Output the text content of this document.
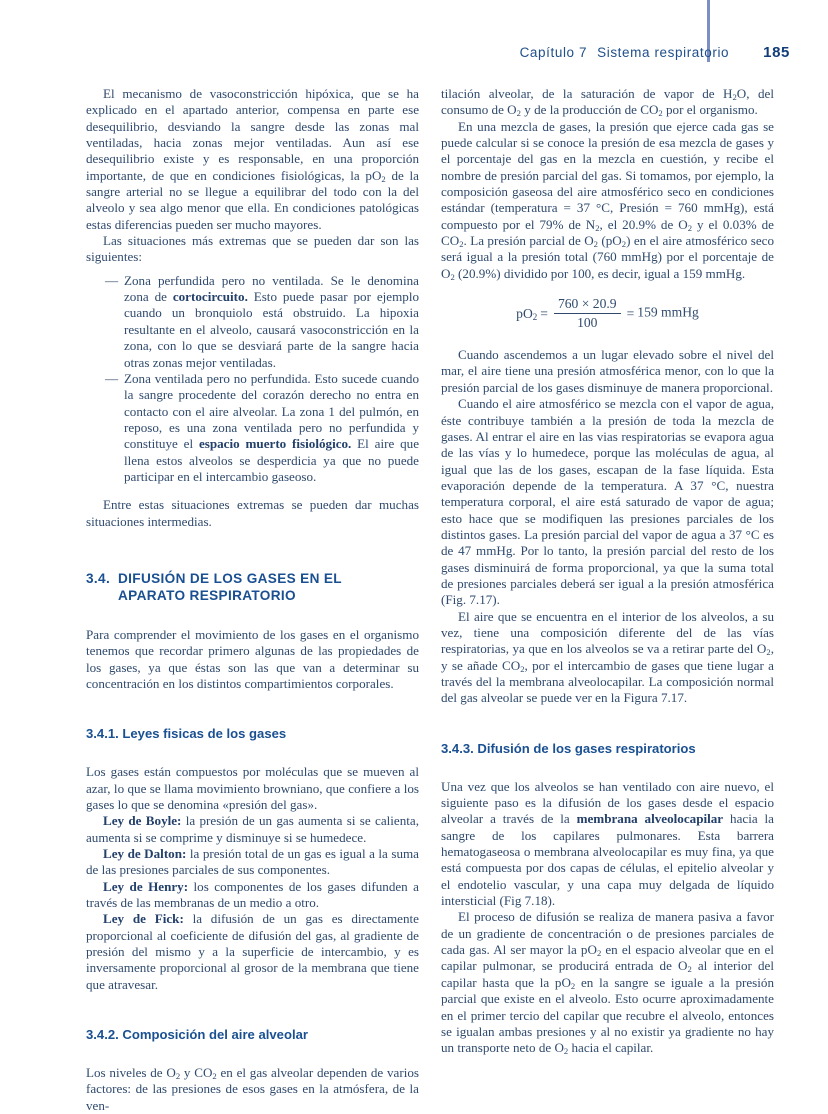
Capítulo 7 Sistema respiratorio 185

El mecanismo de vasoconstricción hipóxica, que se ha explicado en el apartado anterior, compensa en parte ese desequilibrio, desviando la sangre desde las zonas mal ventiladas, hacia zonas mejor ventiladas. Aun así ese desequilibrio existe y es responsable, en una proporción importante, de que en condiciones fisiológicas, la $pO_2$ de la sangre arterial no se llegue a equilibrar del todo con la del alveolo y sea algo menor que ella. En condiciones patológicas estas diferencias pueden ser mucho mayores.

Las situaciones más extremas que se pueden dar son las siguientes:

— Zona perfundida pero no ventilada. Se le denomina zona de cortocircuito. Esto puede pasar por ejemplo cuando un bronquiolo está obstruido. La hipoxia resultante en el alveolo, causará vasoconstricción en la zona, con lo que se desviará parte de la sangre hacia otras zonas mejor ventiladas.
— Zona ventilada pero no perfundida. Esto sucede cuando la sangre procedente del corazón derecho no entra en contacto con el aire alveolar. La zona 1 del pulmón, en reposo, es una zona ventilada pero no perfundida y constituye el espacio muerto fisiológico. El aire que llena estos alveolos se desperdicia ya que no puede participar en el intercambio gaseoso.

Entre estas situaciones extremas se pueden dar muchas situaciones intermedias.

3.4. DIFUSIÓN DE LOS GASES EN EL APARATO RESPIRATORIO

Para comprender el movimiento de los gases en el organismo tenemos que recordar primero algunas de las propiedades de los gases, ya que éstas son las que van a determinar su concentración en los distintos compartimientos corporales.

3.4.1. Leyes fisicas de los gases

Los gases están compuestos por moléculas que se mueven al azar, lo que se llama movimiento browniano, que confiere a los gases lo que se denomina «presión del gas».

Ley de Boyle: la presión de un gas aumenta si se calienta, aumenta si se comprime y disminuye si se humedece.

Ley de Dalton: la presión total de un gas es igual a la suma de las presiones parciales de sus componentes.

Ley de Henry: los componentes de los gases difunden a través de las membranas de un medio a otro.

Ley de Fick: la difusión de un gas es directamente proporcional al coeficiente de difusión del gas, al gradiente de presión del mismo y a la superficie de intercambio, y es inversamente proporcional al grosor de la membrana que tiene que atravesar.

3.4.2. Composición del aire alveolar

Los niveles de $O_2$ y $CO_2$ en el gas alveolar dependen de varios factores: de las presiones de esos gases en la atmósfera, de la ven-

tilación alveolar, de la saturación de vapor de $H_2O$, del consumo de $O_2$ y de la producción de $CO_2$ por el organismo.

En una mezcla de gases, la presión que ejerce cada gas se puede calcular si se conoce la presión de esa mezcla de gases y el porcentaje del gas en la mezcla en cuestión, y recibe el nombre de presión parcial del gas. Si tomamos, por ejemplo, la composición gaseosa del aire atmosférico seco en condiciones estándar (temperatura = 37 °C, Presión = 760 mmHg), está compuesto por el 79% de $N_2$, el 20.9% de $O_2$ y el 0.03% de $CO_2$. La presión parcial de $O_2$ $(pO_2)$ en el aire atmosférico seco será igual a la presión total (760 mmHg) por el porcentaje de $O_2$ (20.9%) dividido por 100, es decir, igual a 159 mmHg.

$pO_2 = \frac{760 \times 20.9}{100} = 159$ mmHg

Cuando ascendemos a un lugar elevado sobre el nivel del mar, el aire tiene una presión atmosférica menor, con lo que la presión parcial de los gases disminuye de manera proporcional.

Cuando el aire atmosférico se mezcla con el vapor de agua, éste contribuye también a la presión de toda la mezcla de gases. Al entrar el aire en las vias respiratorias se evapora agua de las vías y lo humedece, porque las moléculas de agua, al igual que las de los gases, escapan de la fase líquida. Esta evaporación depende de la temperatura. A 37 °C, nuestra temperatura corporal, el aire está saturado de vapor de agua; esto hace que se modifiquen las presiones parciales de los distintos gases. La presión parcial del vapor de agua a 37 °C es de 47 mmHg. Por lo tanto, la presión parcial del resto de los gases disminuirá de forma proporcional, ya que la suma total de presiones parciales deberá ser igual a la presión atmosférica (Fig. 7.17).

El aire que se encuentra en el interior de los alveolos, a su vez, tiene una composición diferente del de las vías respiratorias, ya que en los alveolos se va a retirar parte del $O_2$, y se añade $CO_2$, por el intercambio de gases que tiene lugar a través del la membrana alveolocapilar. La composición normal del gas alveolar se puede ver en la Figura 7.17.

3.4.3. Difusión de los gases respiratorios

Una vez que los alveolos se han ventilado con aire nuevo, el siguiente paso es la difusión de los gases desde el espacio alveolar a través de la membrana alveolocapilar hacia la sangre de los capilares pulmonares. Esta barrera hematogaseosa o membrana alveolocapilar es muy fina, ya que está compuesta por dos capas de células, el epitelio alveolar y el endotelio vascular, y una capa muy delgada de líquido intersticial (Fig 7.18).

El proceso de difusión se realiza de manera pasiva a favor de un gradiente de concentración o de presiones parciales de cada gas. Al ser mayor la $pO_2$ en el espacio alveolar que en el capilar pulmonar, se producirá entrada de $O_2$ al interior del capilar hasta que la $pO_2$ en la sangre se iguale a la presión parcial que existe en el alveolo. Esto ocurre aproximadamente en el primer tercio del capilar que recubre el alveolo, entonces se igualan ambas presiones y al no existir ya gradiente no hay un transporte neto de $O_2$ hacia el capilar.
